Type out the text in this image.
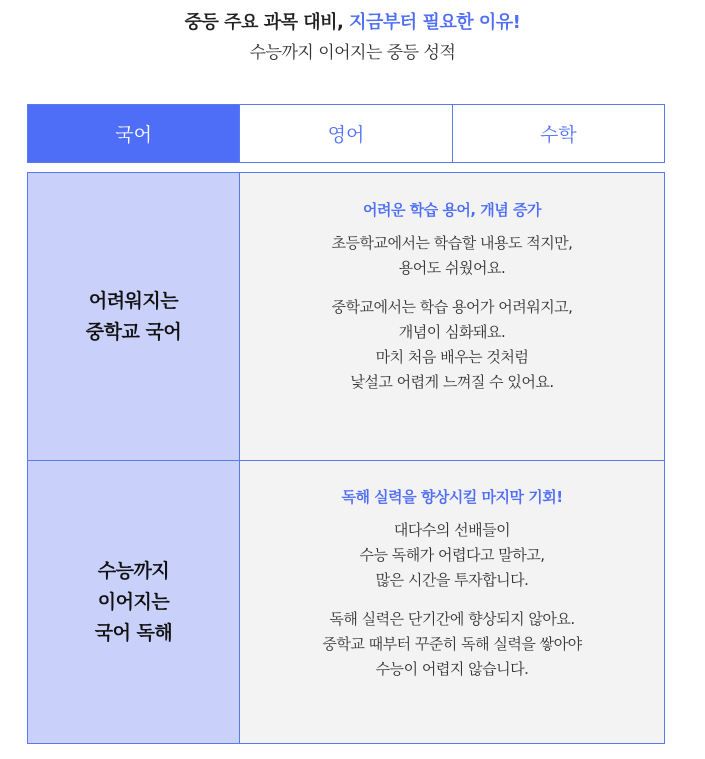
중등 주요 과목 대비, 지금부터 필요한 이유!
수능까지 이어지는 중등 성적
국어	영어	수학
어려워지는
중학교 국어
어려운 학습 용어, 개념 증가
초등학교에서는 학습할 내용도 적지만,
용어도 쉬웠어요.
중학교에서는 학습 용어가 어려워지고,
개념이 심화돼요.
마치 처음 배우는 것처럼
낯설고 어렵게 느껴질 수 있어요.
수능까지
이어지는
국어 독해
독해 실력을 향상시킬 마지막 기회!
대다수의 선배들이
수능 독해가 어렵다고 말하고,
많은 시간을 투자합니다.
독해 실력은 단기간에 향상되지 않아요.
중학교 때부터 꾸준히 독해 실력을 쌓아야
수능이 어렵지 않습니다.
